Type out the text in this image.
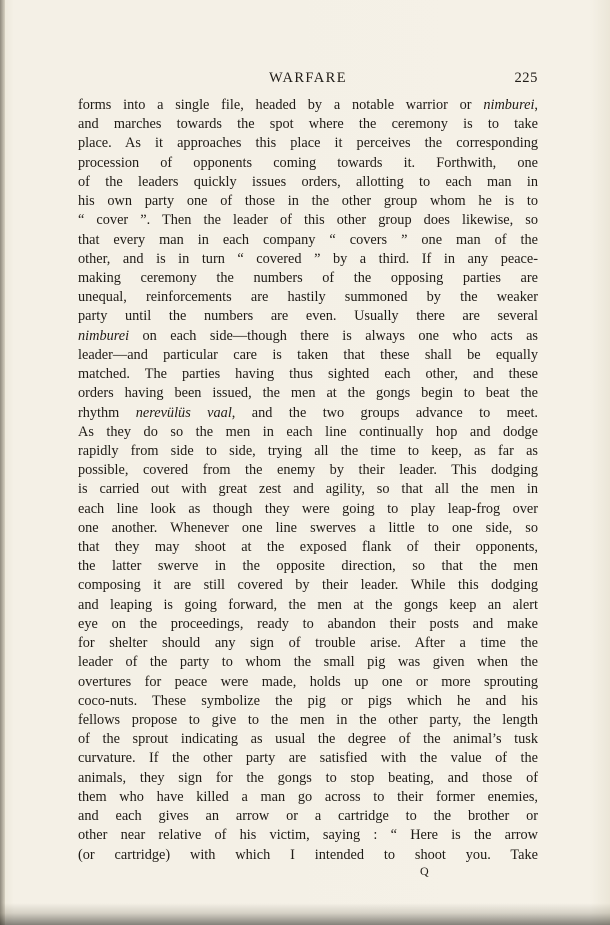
WARFARE	225
forms into a single file, headed by a notable warrior or nimburei,
and marches towards the spot where the ceremony is to take
place. As it approaches this place it perceives the corresponding
procession of opponents coming towards it. Forthwith, one
of the leaders quickly issues orders, allotting to each man in
his own party one of those in the other group whom he is to
“ cover ”. Then the leader of this other group does likewise, so
that every man in each company “ covers ” one man of the
other, and is in turn “ covered ” by a third. If in any peace-
making ceremony the numbers of the opposing parties are
unequal, reinforcements are hastily summoned by the weaker
party until the numbers are even. Usually there are several
nimburei on each side—though there is always one who acts as
leader—and particular care is taken that these shall be equally
matched. The parties having thus sighted each other, and these
orders having been issued, the men at the gongs begin to beat the
rhythm nerevülüs vaal, and the two groups advance to meet.
As they do so the men in each line continually hop and dodge
rapidly from side to side, trying all the time to keep, as far as
possible, covered from the enemy by their leader. This dodging
is carried out with great zest and agility, so that all the men in
each line look as though they were going to play leap-frog over
one another. Whenever one line swerves a little to one side, so
that they may shoot at the exposed flank of their opponents,
the latter swerve in the opposite direction, so that the men
composing it are still covered by their leader. While this dodging
and leaping is going forward, the men at the gongs keep an alert
eye on the proceedings, ready to abandon their posts and make
for shelter should any sign of trouble arise. After a time the
leader of the party to whom the small pig was given when the
overtures for peace were made, holds up one or more sprouting
coco-nuts. These symbolize the pig or pigs which he and his
fellows propose to give to the men in the other party, the length
of the sprout indicating as usual the degree of the animal’s tusk
curvature. If the other party are satisfied with the value of the
animals, they sign for the gongs to stop beating, and those of
them who have killed a man go across to their former enemies,
and each gives an arrow or a cartridge to the brother or
other near relative of his victim, saying : “ Here is the arrow
(or cartridge) with which I intended to shoot you. Take
Q
